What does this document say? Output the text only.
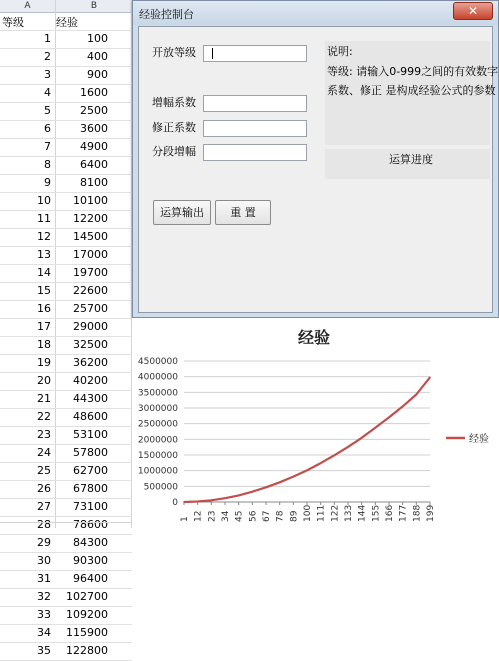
A	B
等级	经验
1	100
2	400
3	900
4	1600
5	2500
6	3600
7	4900
8	6400
9	8100
10 10100
11 12200
12 14500
13 17000
14 19700
15 22600
16 25700
17 29000
18 32500
19 36200
20 40200
21 44300
22 48600
23 53100
24 57800
25 62700
26 67800
27 73100
28 78600
29 84300
30 90300
31 96400
32 102700
33 109200
34 115900
35 122800
经验控制台	✕
开放等级
增幅系数
修正系数
分段增幅
说明:
等级: 请输入0-999之间的有效数字
系数、修正 是构成经验公式的参数
运算进度
运算输出	重 置
0
500000
1000000
1500000
2000000
2500000
3000000
3500000
4000000
4500000
1 12 23 34 45 56 67 78 89 100 111 122 133 144 155 166 177 188 199
经验
经验
